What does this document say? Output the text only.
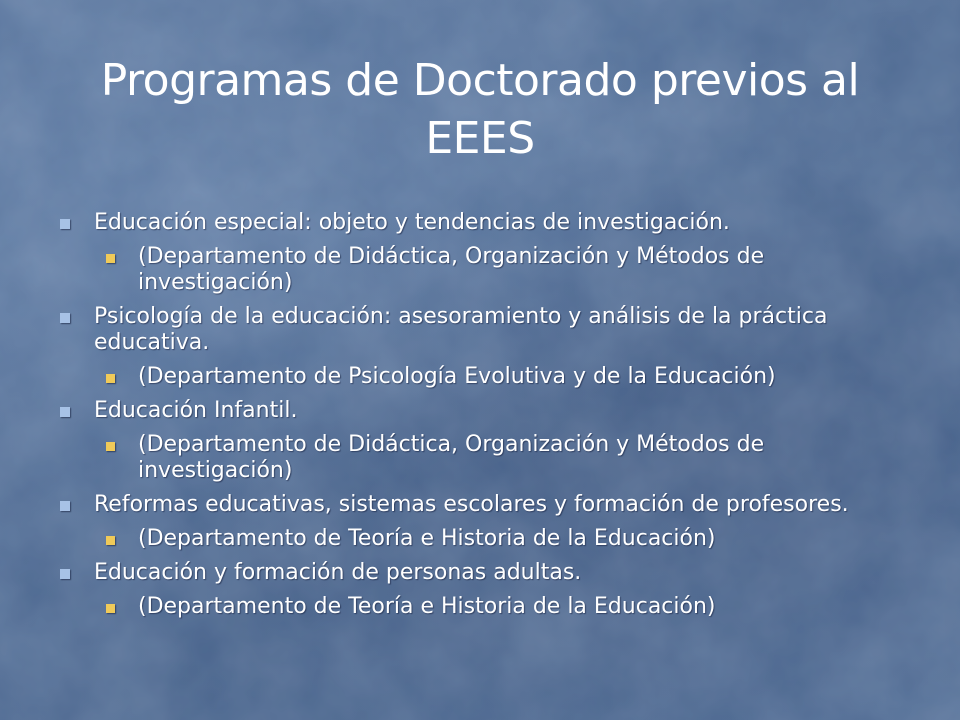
Programas de Doctorado previos al EEES
Educación especial: objeto y tendencias de investigación.
(Departamento de Didáctica, Organización y Métodos de investigación)
Psicología de la educación: asesoramiento y análisis de la práctica educativa.
(Departamento de Psicología Evolutiva y de la Educación)
Educación Infantil.
(Departamento de Didáctica, Organización y Métodos de investigación)
Reformas educativas, sistemas escolares y formación de profesores.
(Departamento de Teoría e Historia de la Educación)
Educación y formación de personas adultas.
(Departamento de Teoría e Historia de la Educación)
